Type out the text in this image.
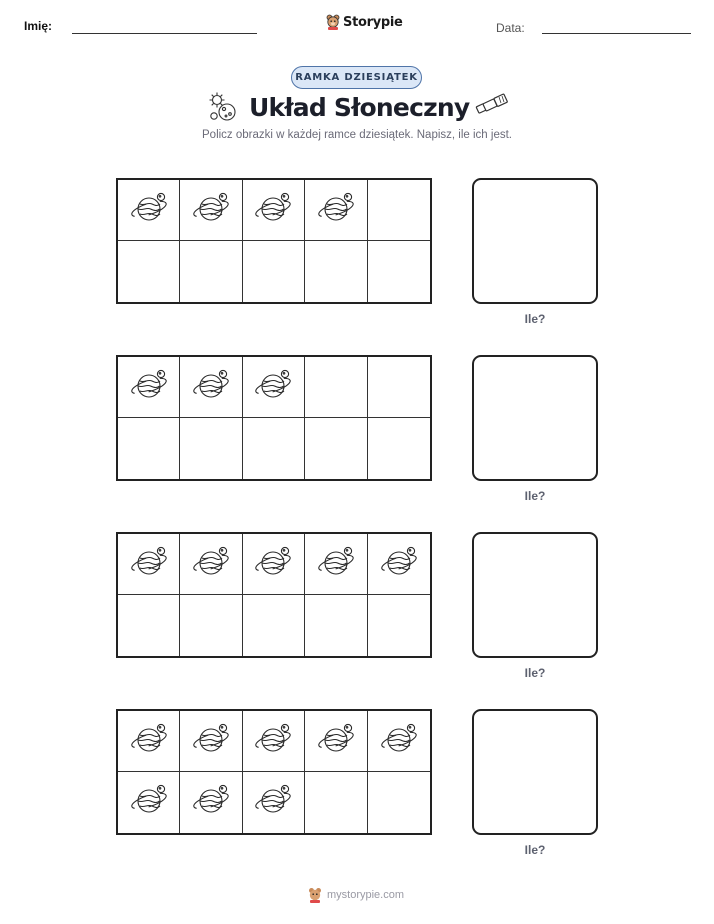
Imię:	Storypie	Data:
RAMKA DZIESIĄTEK
Układ Słoneczny
Policz obrazki w każdej ramce dziesiątek. Napisz, ile ich jest.
Ile?
Ile?
Ile?
Ile?
mystorypie.com
